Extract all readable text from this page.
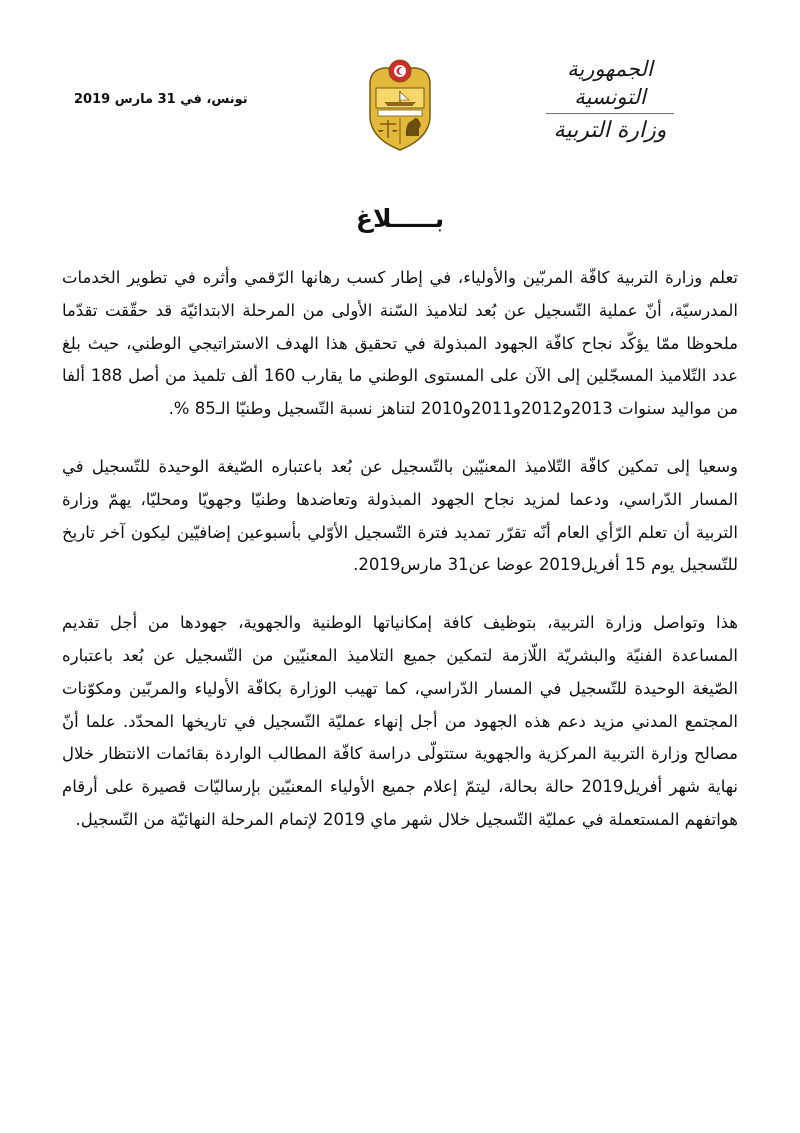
الجمهورية التونسية
وزارة التربية
تونس، في 31 مارس 2019
بـــــلاغ

تعلم وزارة التربية كافّة المربّين والأولياء، في إطار كسب رهانها الرّقمي وأثره في تطوير الخدمات المدرسيّة، أنّ عملية التّسجيل عن بُعد لتلاميذ السّنة الأولى من المرحلة الابتدائيّة قد حقّقت تقدّما ملحوظا ممّا يؤكّد نجاح كافّة الجهود المبذولة في تحقيق هذا الهدف الاستراتيجي الوطني، حيث بلغ عدد التّلاميذ المسجّلين إلى الآن على المستوى الوطني ما يقارب 160 ألف تلميذ من أصل 188 ألفا من مواليد سنوات 2013و2012و2011و2010 لتناهز نسبة التّسجيل وطنيّا الـ85 %.

وسعيا إلى تمكين كافّة التّلاميذ المعنيّين بالتّسجيل عن بُعد باعتباره الصّيغة الوحيدة للتّسجيل في المسار الدّراسي، ودعما لمزيد نجاح الجهود المبذولة وتعاضدها وطنيّا وجهويّا ومحليّا، يهمّ وزارة التربية أن تعلم الرّأي العام أنّه تقرّر تمديد فترة التّسجيل الأوّلي بأسبوعين إضافيّين ليكون آخر تاريخ للتّسجيل يوم 15 أفريل2019 عوضا عن31 مارس2019.

هذا وتواصل وزارة التربية، بتوظيف كافة إمكانياتها الوطنية والجهوية، جهودها من أجل تقديم المساعدة الفنيّة والبشريّة اللّازمة لتمكين جميع التلاميذ المعنيّين من التّسجيل عن بُعد باعتباره الصّيغة الوحيدة للتّسجيل في المسار الدّراسي، كما تهيب الوزارة بكافّة الأولياء والمربّين ومكوّنات المجتمع المدني مزيد دعم هذه الجهود من أجل إنهاء عمليّة التّسجيل في تاريخها المحدّد. علما أنّ مصالح وزارة التربية المركزية والجهوية ستتولّى دراسة كافّة المطالب الواردة بقائمات الانتظار خلال نهاية شهر أفريل2019 حالة بحالة، ليتمّ إعلام جميع الأولياء المعنيّين بإرساليّات قصيرة على أرقام هواتفهم المستعملة في عمليّة التّسجيل خلال شهر ماي 2019 لإتمام المرحلة النهائيّة من التّسجيل.
